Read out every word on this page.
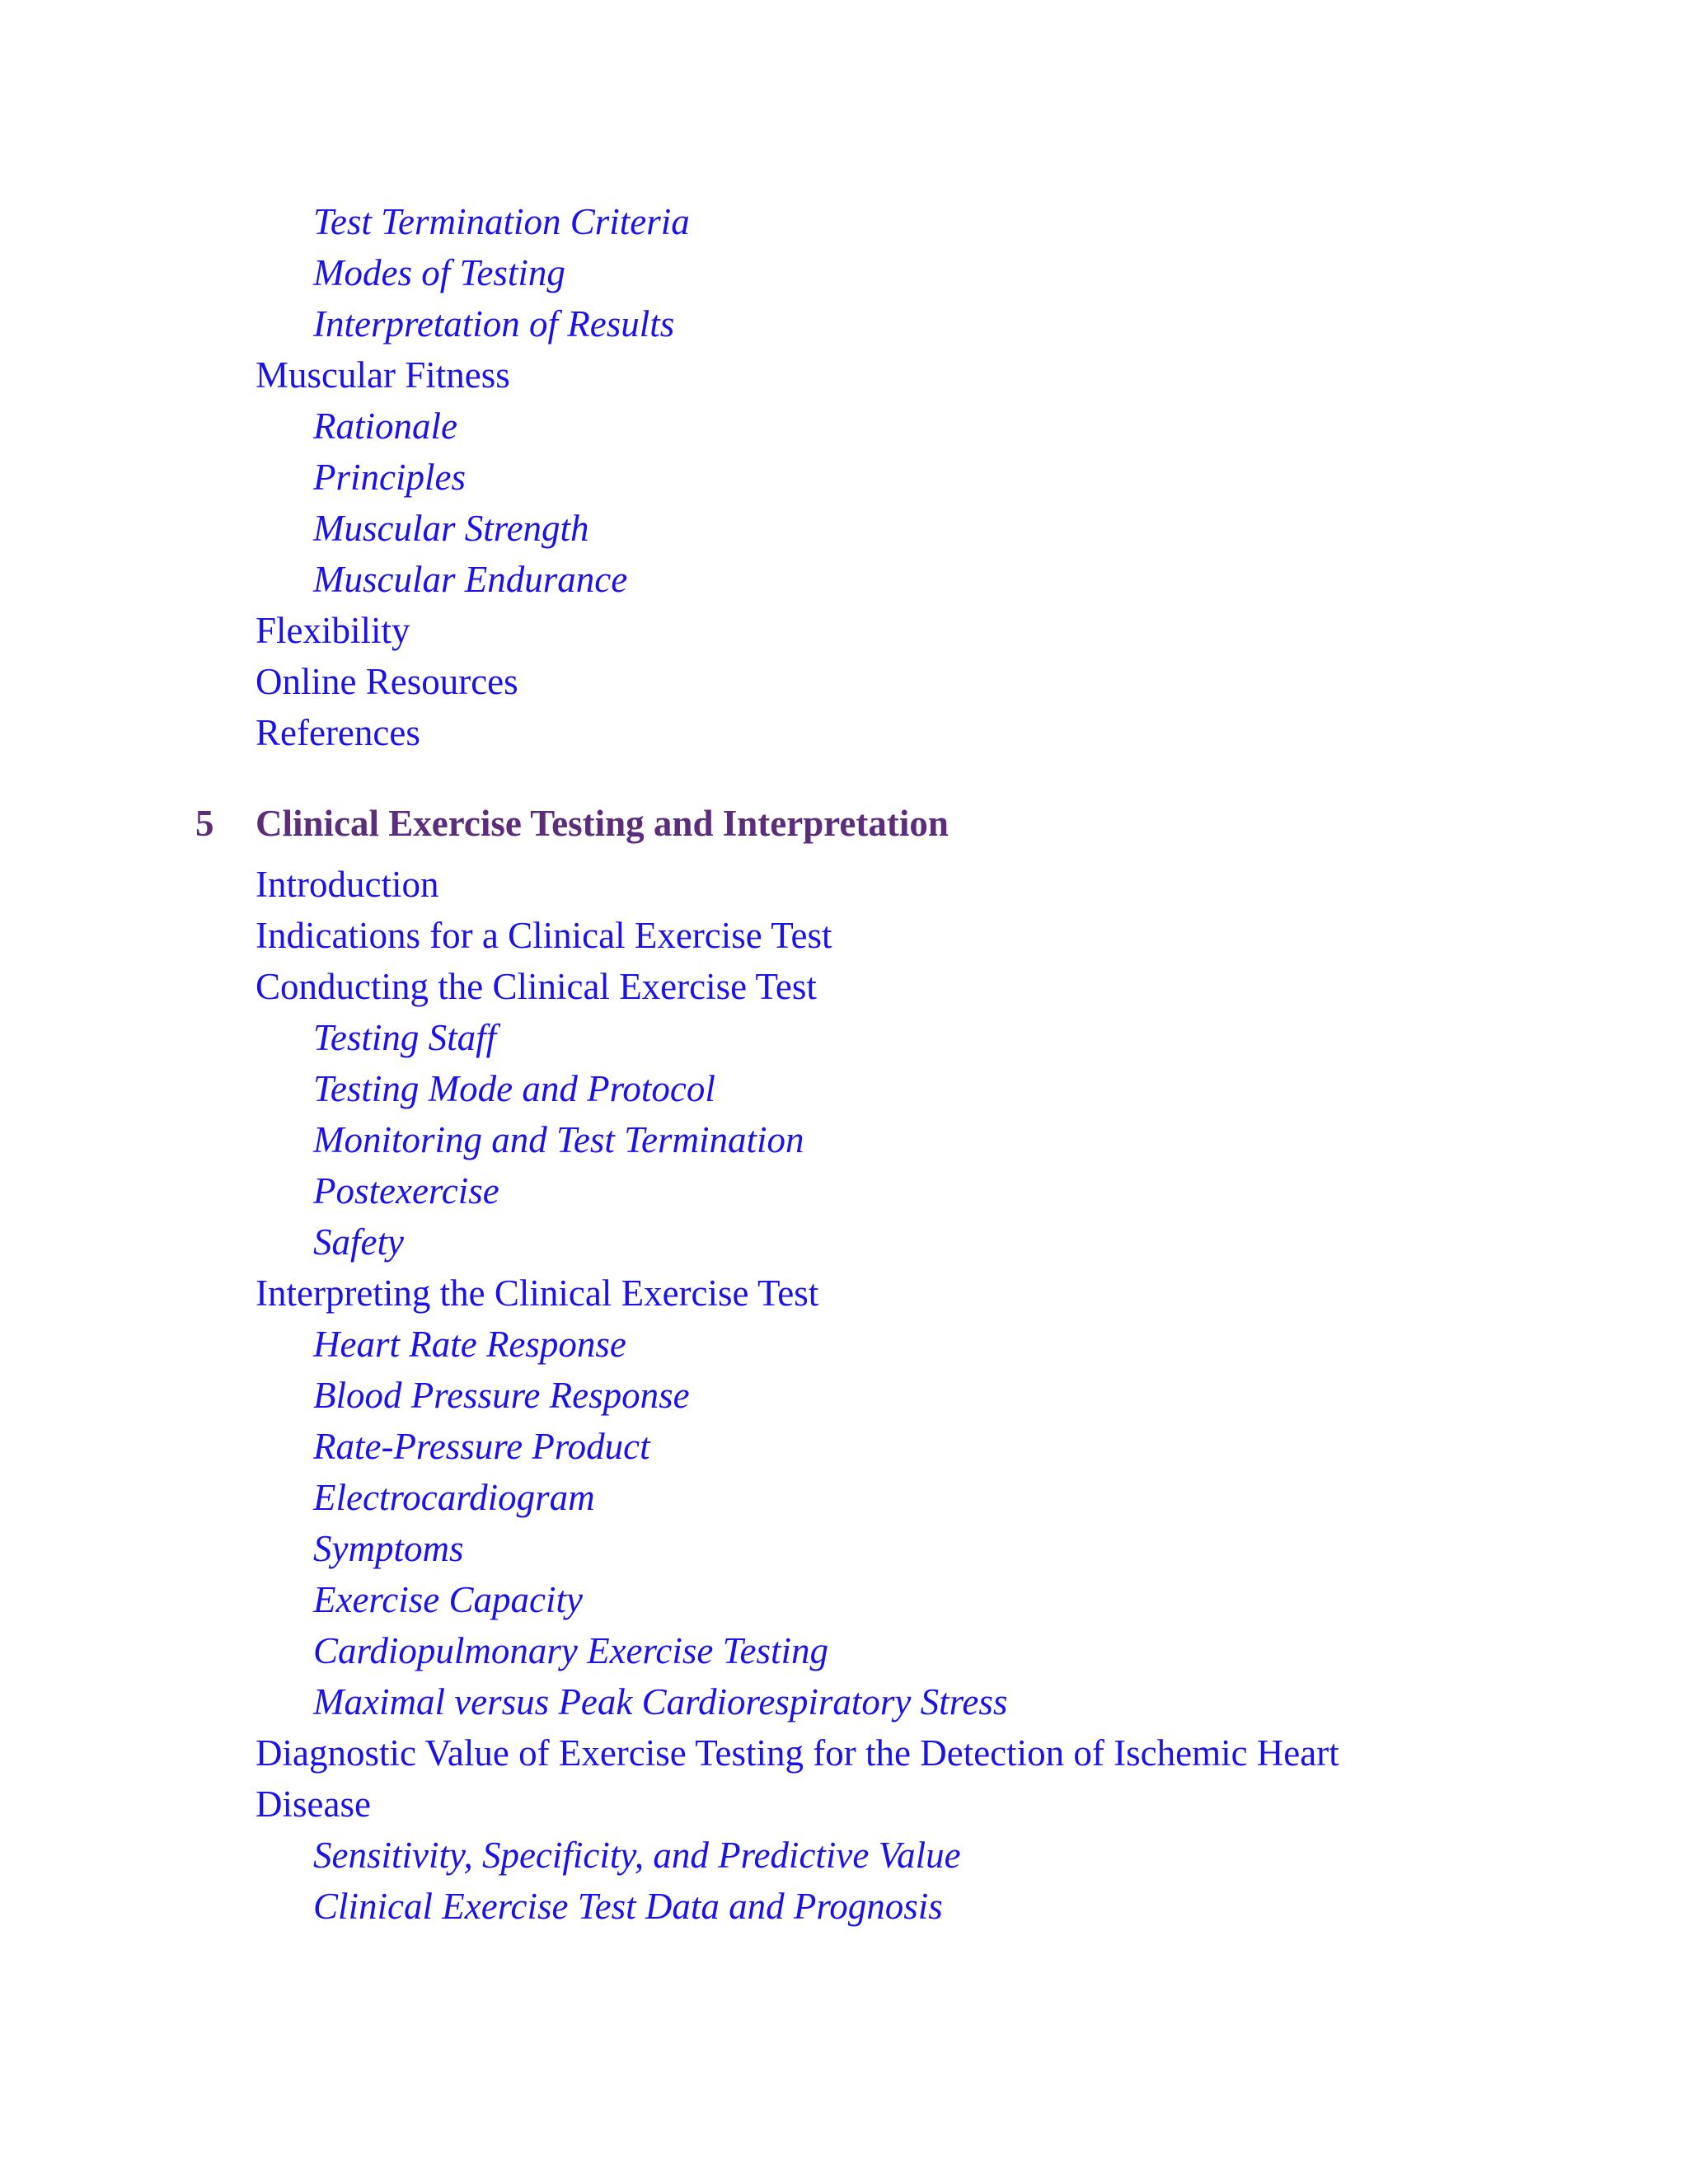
Test Termination Criteria
Modes of Testing
Interpretation of Results
Muscular Fitness
Rationale
Principles
Muscular Strength
Muscular Endurance
Flexibility
Online Resources
References
5 Clinical Exercise Testing and Interpretation
Introduction
Indications for a Clinical Exercise Test
Conducting the Clinical Exercise Test
Testing Staff
Testing Mode and Protocol
Monitoring and Test Termination
Postexercise
Safety
Interpreting the Clinical Exercise Test
Heart Rate Response
Blood Pressure Response
Rate-Pressure Product
Electrocardiogram
Symptoms
Exercise Capacity
Cardiopulmonary Exercise Testing
Maximal versus Peak Cardiorespiratory Stress
Diagnostic Value of Exercise Testing for the Detection of Ischemic Heart
Disease
Sensitivity, Specificity, and Predictive Value
Clinical Exercise Test Data and Prognosis
